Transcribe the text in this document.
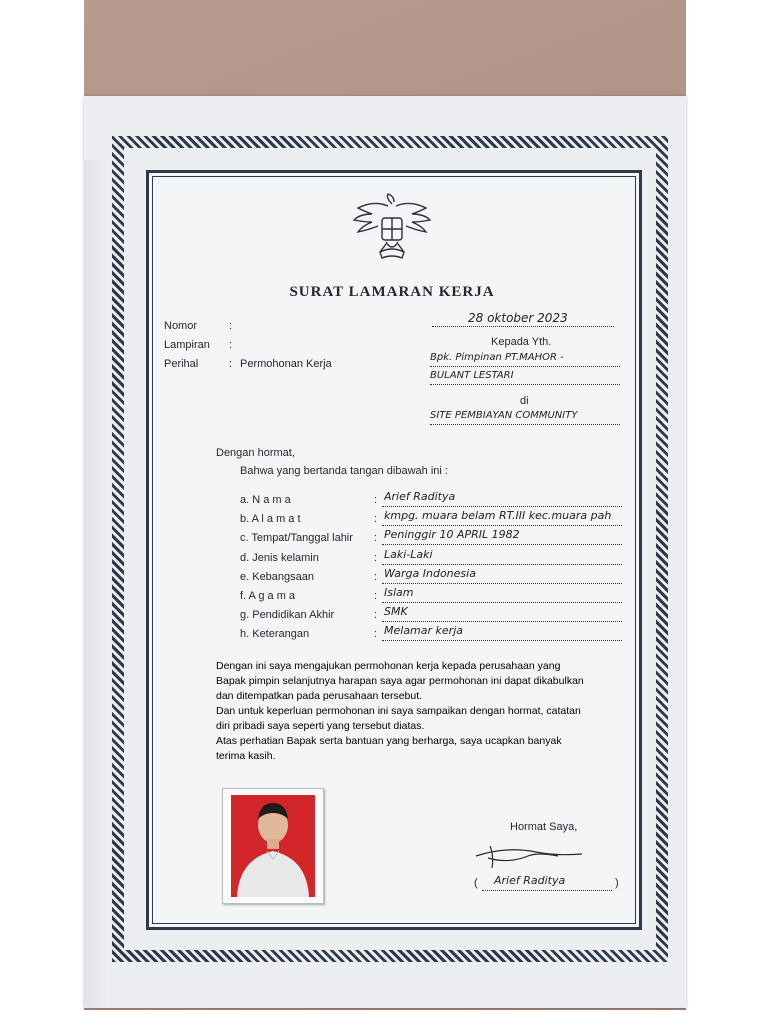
SURAT LAMARAN KERJA
28 oktober 2023
Nomor	:
Lampiran :
Perihal	: Permohonan Kerja
Kepada Yth.
Bpk. Pimpinan PT.MAHOR -
BULANT LESTARI
di
SITE PEMBIAYAN COMMUNITY
Dengan hormat,
Bahwa yang bertanda tangan dibawah ini :
a. N a m a	: Arief Raditya
b. A l a m a t	: kmpg. muara belam RT.III kec.muara pah
c. Tempat/Tanggal lahir : Peninggir 10 APRIL 1982
d. Jenis kelamin	: Laki-Laki
e. Kebangsaan	: Warga Indonesia
f. A g a m a	: Islam
g. Pendidikan Akhir	: SMK
h. Keterangan	: Melamar kerja
Dengan ini saya mengajukan permohonan kerja kepada perusahaan yang
Bapak pimpin selanjutnya harapan saya agar permohonan ini dapat dikabulkan
dan ditempatkan pada perusahaan tersebut.
Dan untuk keperluan permohonan ini saya sampaikan dengan hormat, catatan
diri pribadi saya seperti yang tersebut diatas.
Atas perhatian Bapak serta bantuan yang berharga, saya ucapkan banyak
terima kasih.
Hormat Saya,
( Arief Raditya	)
